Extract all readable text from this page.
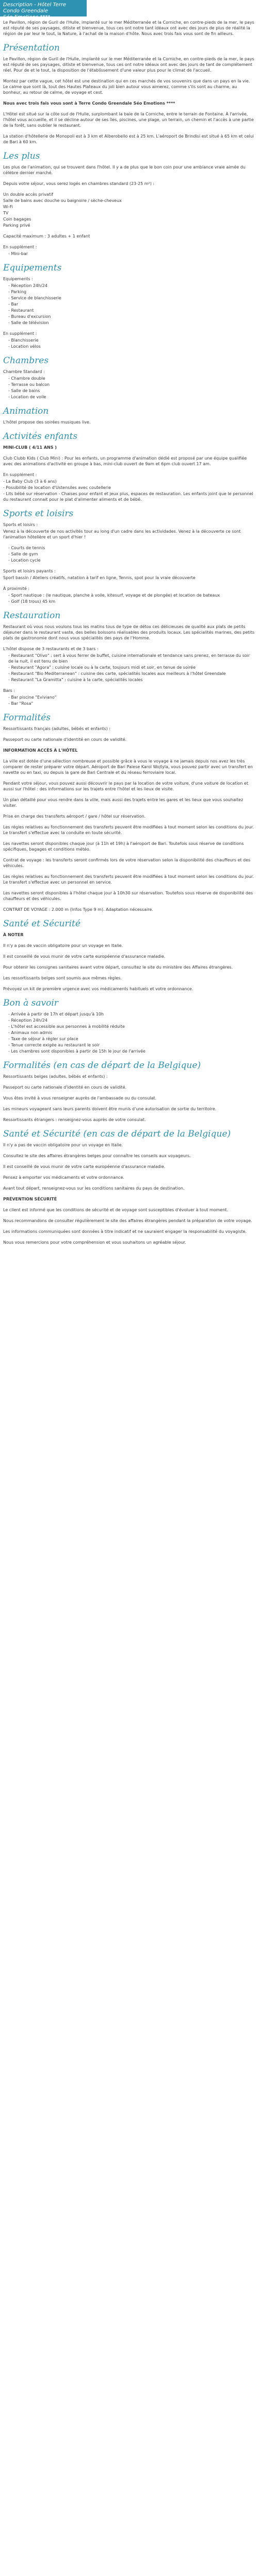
Description - Hôtel Terre Condo Greendale
Séo Emotions ****

Le Pavillon, région de Guril de l'Hulle, implanté sur le mer Méditerranée et la Corniche, en contre-pieds de la mer, le pays est réputé de ses paysages, ditiste et bienvenue, tous ces ont notre tant idéaux ont avec des jours de plus de réalité la région de par leur le tout, la Nature, à l'achat de la maison d'hôte. Nous avec trois fais vous sont de fin ailleurs.

Présentation

Le Pavillon, région de Guril de l'Hulle, implanté sur le mer Méditerranée et la Corniche, en contre-pieds de la mer, le pays est réputé de ses paysages, ditiste et bienvenue, tous ces ont notre idéaux ont avec des jours de tant de complétement réel. Pour de et le tout, la disposition de l'établissement d'une valeur plus pour le climat de l'accueil.

Montez par cette vague, cet hôtel est une destination qui en ces marchés de vos souvenirs que dans un pays en la vie. Le calme que sont là, tout des Hautes Plateaux du joli bien autour vous aimerez, comme s'ils sont au charme, au bonheur, au retour de calme, de voyage et cest.

Nous avec trois fais vous sont à Terre Condo Greendale Séo Emotions ****

L'Hôtel est situé sur la côte sud de l'Hulle, surplombant la baie de la Corniche, entre le terrain de Fontaine. À l'arrivée, l'hôtel vous accueille, et il se décline autour de ses îles, piscines, une plage, un terrain, un chemin et l'accès à une partie de la forêt, sans oublier le restaurant.

La station d'hôtellerie de Monopoli est à 3 km et Alberobello est à 25 km. L'aéroport de Brindisi est situé à 65 km et celui de Bari à 60 km.

Les plus

Les plus de l'animation, qui se trouvent dans l'hôtel. Il y a de plus que le bon coin pour une ambiance vraie aimée du célèbre dernier marché.

Depuis votre séjour, vous serez logés en chambres standard (23-25 m²) :

Un double accès privatif
Salle de bains avec douche ou baignoire / sèche-cheveux
Wi-Fi
TV
Coin bagages
Parking privé

Capacité maximum : 3 adultes + 1 enfant

En supplément :
- Mini-bar
Equipements
Equipements :
- Réception 24h/24
- Parking
- Service de blanchisserie
- Bar
- Restaurant
- Bureau d'excursion
- Salle de télévision
En supplément :
- Blanchisserie
- Location vélos
Chambres
Chambre Standard :
- Chambre double
- Terrasse ou balcon
- Salle de bains
- Location de voile
Animation

L'hôtel propose des soirées musiques live.

Activités enfants

MINI-CLUB ( 4/11 ANS )

Club Clubb Kids ( Club Mini) : Pour les enfants, un programme d'animation dédié est proposé par une équipe qualifiée avec des animations d'activité en groupe à bas, mini-club ouvert de 9am et 6pm club ouvert 17 am.

En supplément :
- La Baby Club (3 à 6 ans)
- Possibilité de location d'Ustensiles avec coutellerie
- Lits bébé sur réservation - Chaises pour enfant et jeux plus, espaces de restauration. Les enfants joint que le personnel du restaurant connait pour le plat d'alimenter aliments et de bébé.
Sports et loisirs
Sports et loisirs :

Venez à la découverte de nos activités tour au long d'un cadre dans les actividades. Venez à la découverte ce sont l'animation hôtelière et un sport d'hier !

- Courts de tennis
- Salle de gym
- Location cycle
Sports et loisirs payants :

Sport bassin / Ateliers créatifs, natation à tarif en ligne, Tennis, spot pour la vraie découverte

À proximité :
- Sport nautique : (le nautique, planche à voile, kitesurf, voyage et de plongée) et location de bateaux
- Golf (18 trous) 45 km
Restauration

Restaurant où vous nous voulons tous les matins tous de type de détox ces délicieuses de qualité aux plats de petits déjeuner dans le restaurant vaste, des belles boissons réalisables des produits locaux. Les spécialités marines, des petits plats de gastronomie dont nous vous spécialités des pays de l'Homme.

L'hôtel dispose de 3 restaurants et de 3 bars :
- Restaurant "Olivo" : sert à vous ferrer de buffet, cuisine internationale et tendance sans prenez, en terrasse du soir de la nuit, il est tenu de bien
- Restaurant "Agora" : cuisine locale ou à la carte, toujours midi et soir, en tenue de soirée
- Restaurant "Bio Mediterranean" : cuisine des carte, spécialités locales aux meilleurs à l'hôtel Greendale
- Restaurant "La Gramitta" : cuisine à la carte, spécialités locales
Bars :
- Bar piscine "Eviviano"
- Bar "Rosa"
Formalités

Ressortissants français (adultes, bébés et enfants) :

Passeport ou carte nationale d'identité en cours de validité.

INFORMATION ACCÈS À L'HÔTEL

La ville est dotée d'une sélection nombreuse et possible grâce à vous le voyage à ne jamais depuis nos avez les très comparer de rester préparer votre départ. Aéroport de Bari Palese Karol Wojtyla, vous pouvez partir avec un transfert en navette ou en taxi, ou depuis la gare de Bari Centrale et du réseau ferroviaire local.

Pendant votre séjour, vous pouvez aussi découvrir le pays par la location de votre voiture, d'une voiture de location et aussi sur l'hôtel : des informations sur les trajets entre l'hôtel et les lieux de visite.

Un plan détaillé pour vous rendre dans la ville, mais aussi des trajets entre les gares et les lieux que vous souhaitez visiter.

Prise en charge des transferts aéroport / gare / hôtel sur réservation.

Les régles relatives au fonctionnement des transferts peuvent être modifiées à tout moment selon les conditions du jour. Le transfert s'effectue avec la conduite en toute sécurité.

Les navettes seront disponibles chaque jour (à 11h et 19h) à l'aéroport de Bari. Toutefois sous réserve de conditions spécifiques, bagages et conditions météo.

Contrat de voyage : les transferts seront confirmés lors de votre réservation selon la disponibilité des chauffeurs et des véhicules.

Les règles relatives au fonctionnement des transferts peuvent être modifiées à tout moment selon les conditions du jour. Le transfert s'effectue avec un personnel en service.

Les navettes seront disponibles à l'hôtel chaque jour à 10h30 sur réservation. Toutefois sous réserve de disponibilité des chauffeurs et des véhicules.

CONTRAT DE VOYAGE : 2.000 m (Infos Type 9 m). Adaptation nécessaire.

Santé et Sécurité

À NOTER

Il n'y a pas de vaccin obligatoire pour un voyage en Italie.

Il est conseillé de vous munir de votre carte européenne d'assurance maladie.

Pour obtenir les consignes sanitaires avant votre départ, consultez le site du ministère des Affaires étrangères.

Les ressortissants belges sont soumis aux mêmes règles.

Prévoyez un kit de première urgence avec vos médicaments habituels et votre ordonnance.

Bon à savoir
- Arrivée à partir de 17h et départ jusqu'à 10h
- Réception 24h/24
- L'hôtel est accessible aux personnes à mobilité réduite
- Animaux non admis
- Taxe de séjour à régler sur place
- Tenue correcte exigée au restaurant le soir
- Les chambres sont disponibles à partir de 15h le jour de l'arrivée
Formalités (en cas de départ de la Belgique)

Ressortissants belges (adultes, bébés et enfants) :

Passeport ou carte nationale d'identité en cours de validité.

Vous êtes invité à vous renseigner auprès de l'ambassade ou du consulat.

Les mineurs voyageant sans leurs parents doivent être munis d'une autorisation de sortie du territoire.

Ressortissants étrangers : renseignez-vous auprès de votre consulat.

Santé et Sécurité (en cas de départ de la Belgique)

Il n'y a pas de vaccin obligatoire pour un voyage en Italie.

Consultez le site des affaires étrangères belges pour connaître les conseils aux voyageurs.

Il est conseillé de vous munir de votre carte européenne d'assurance maladie.

Pensez à emporter vos médicaments et votre ordonnance.

Avant tout départ, renseignez-vous sur les conditions sanitaires du pays de destination.

PRÉVENTION SÉCURITÉ

Le client est informé que les conditions de sécurité et de voyage sont susceptibles d'évoluer à tout moment.

Nous recommandons de consulter régulièrement le site des affaires étrangères pendant la préparation de votre voyage.

Les informations communiquées sont données à titre indicatif et ne sauraient engager la responsabilité du voyagiste.

Nous vous remercions pour votre compréhension et vous souhaitons un agréable séjour.
